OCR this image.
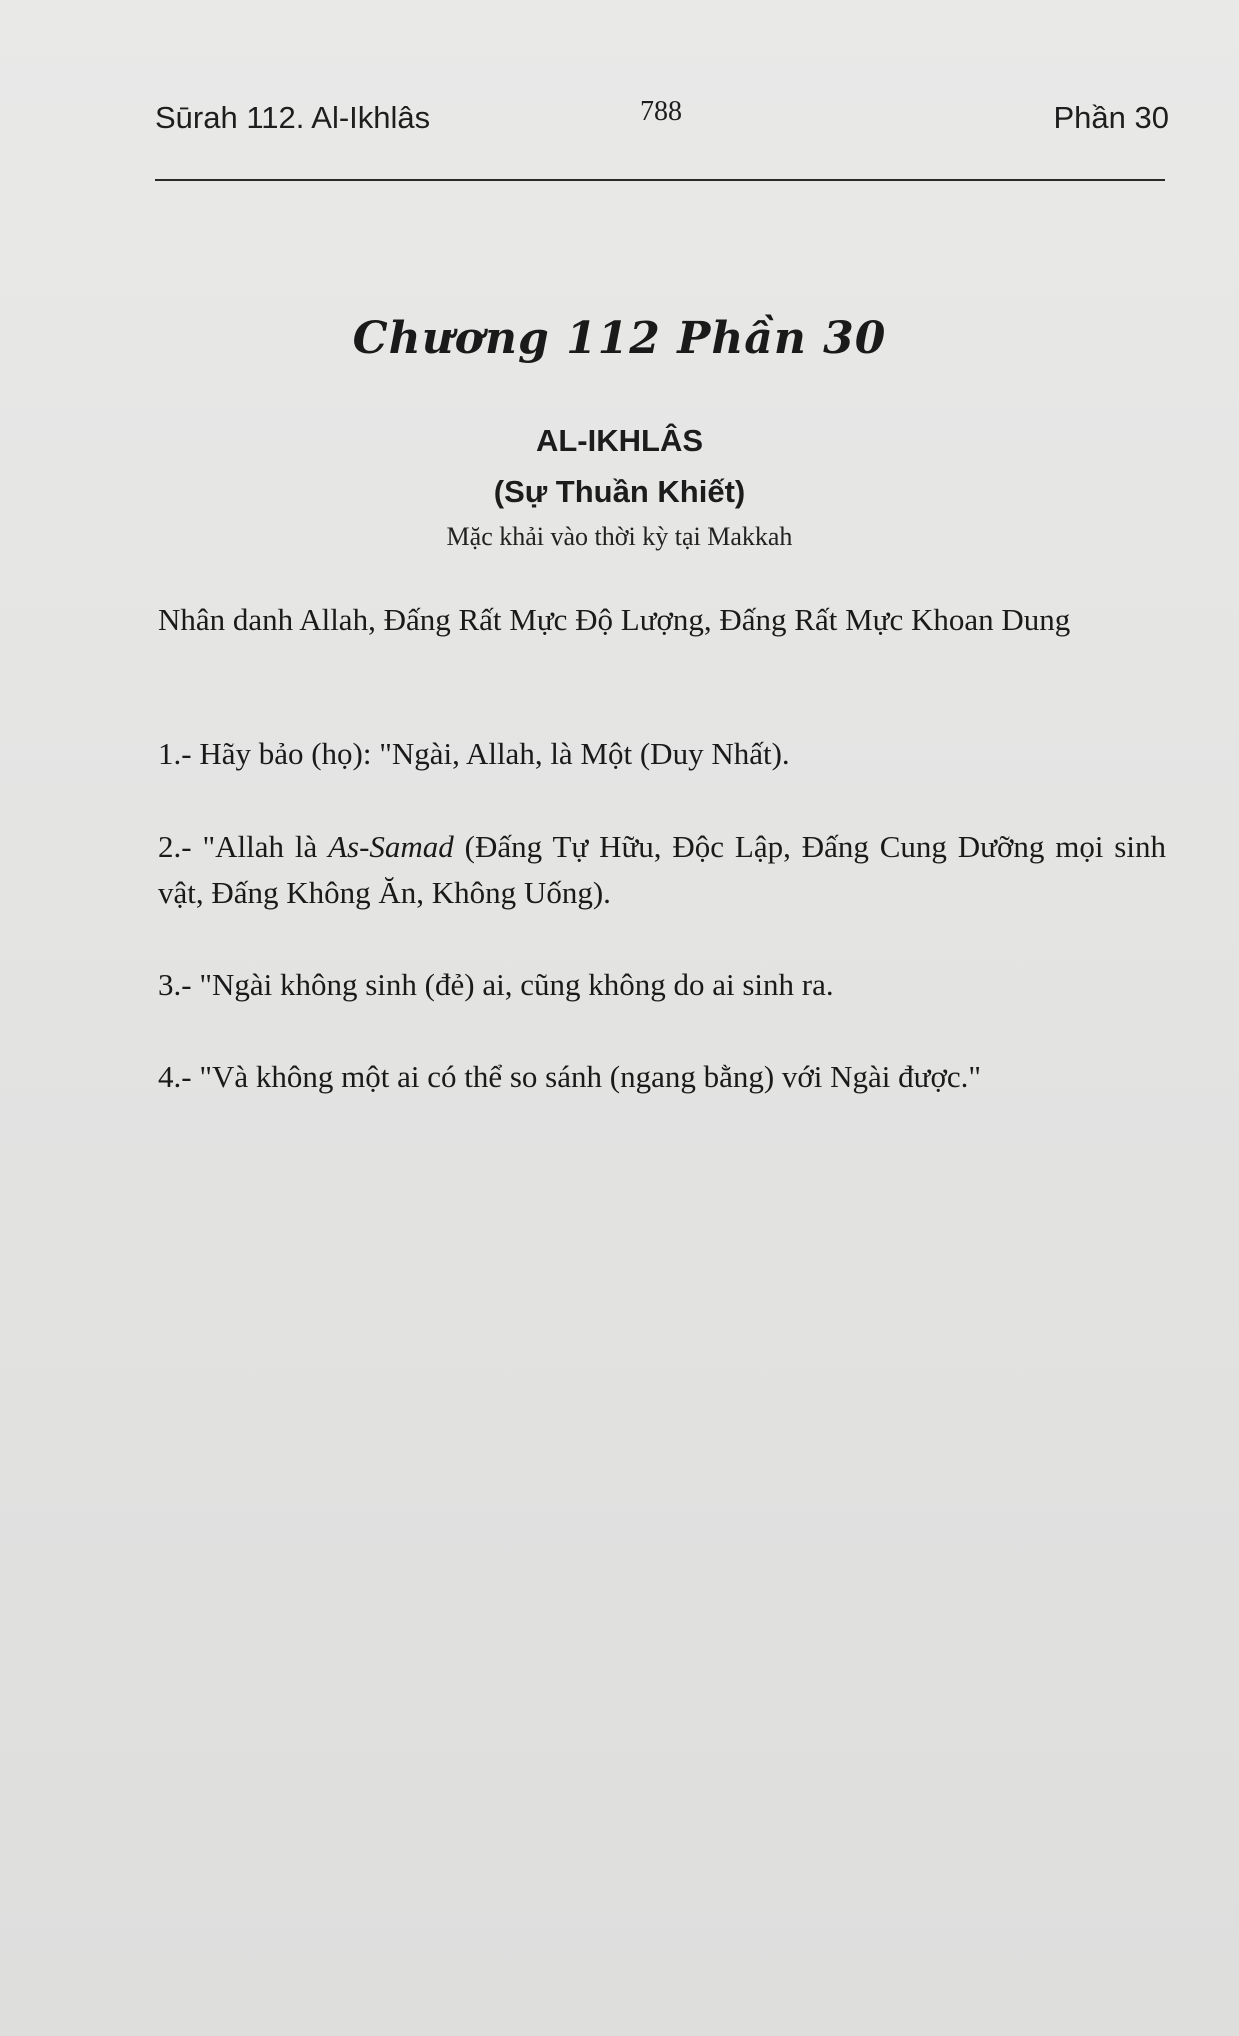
Sūrah 112. Al-Ikhlâs	788	Phần 30
Chương 112 Phần 30
AL-IKHLÂS
(Sự Thuần Khiết)
Mặc khải vào thời kỳ tại Makkah

Nhân danh Allah, Đấng Rất Mực Độ Lượng, Đấng Rất Mực Khoan Dung

1.- Hãy bảo (họ): "Ngài, Allah, là Một (Duy Nhất).

2.- "Allah là As-Samad (Đấng Tự Hữu, Độc Lập, Đấng Cung Dưỡng mọi sinh vật, Đấng Không Ăn, Không Uống).

3.- "Ngài không sinh (đẻ) ai, cũng không do ai sinh ra.

4.- "Và không một ai có thể so sánh (ngang bằng) với Ngài được."
